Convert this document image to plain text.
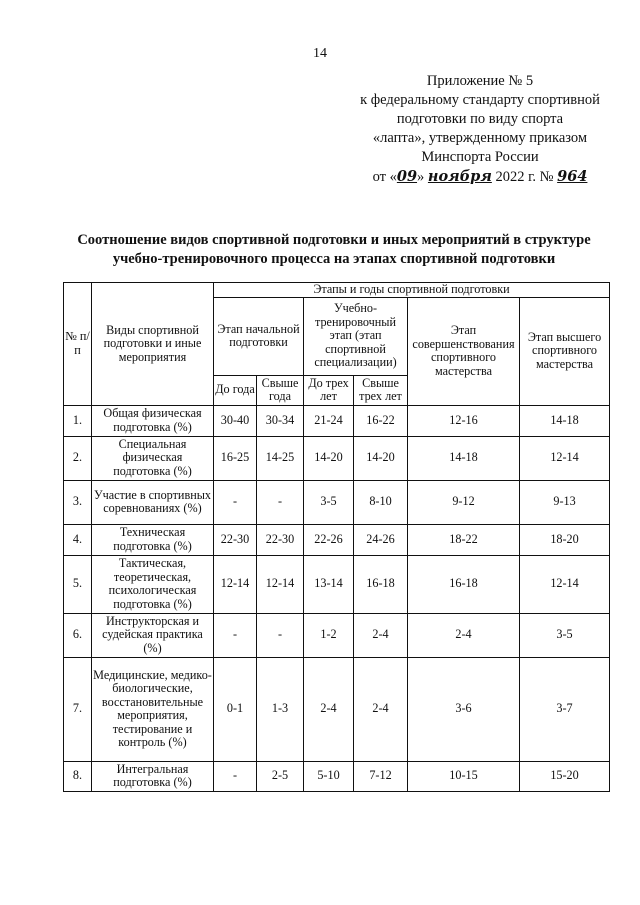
14
Приложение № 5
к федеральному стандарту спортивной
подготовки по виду спорта
«лапта», утвержденному приказом
Минспорта России
от «09» ноября 2022 г. № 964
Соотношение видов спортивной подготовки и иных мероприятий в структуре
учебно-тренировочного процесса на этапах спортивной подготовки
№ п/п	Виды спортивной подготовки и иные мероприятия	Этапы и годы спортивной подготовки					
		Этап начальной подготовки		Учебно-тренировочный этап (этап спортивной специализации)		Этап совершенствования спортивного мастерства	Этап высшего спортивного мастерства
		До года	Свыше года	До трех лет	Свыше трех лет		
1.	Общая физическая подготовка (%)	30-40	30-34	21-24	16-22	12-16	14-18
2.	Специальная физическая подготовка (%)	16-25	14-25	14-20	14-20	14-18	12-14
3.	Участие в спортивных соревнованиях (%)	-	-	3-5	8-10	9-12	9-13
4.	Техническая подготовка (%)	22-30	22-30	22-26	24-26	18-22	18-20
5.	Тактическая, теоретическая, психологическая подготовка (%)	12-14	12-14	13-14	16-18	16-18	12-14
6.	Инструкторская и судейская практика (%)	-	-	1-2	2-4	2-4	3-5
7.	Медицинские, медико-биологические, восстановительные мероприятия, тестирование и контроль (%)	0-1	1-3	2-4	2-4	3-6	3-7
8.	Интегральная подготовка (%)	-	2-5	5-10	7-12	10-15	15-20
